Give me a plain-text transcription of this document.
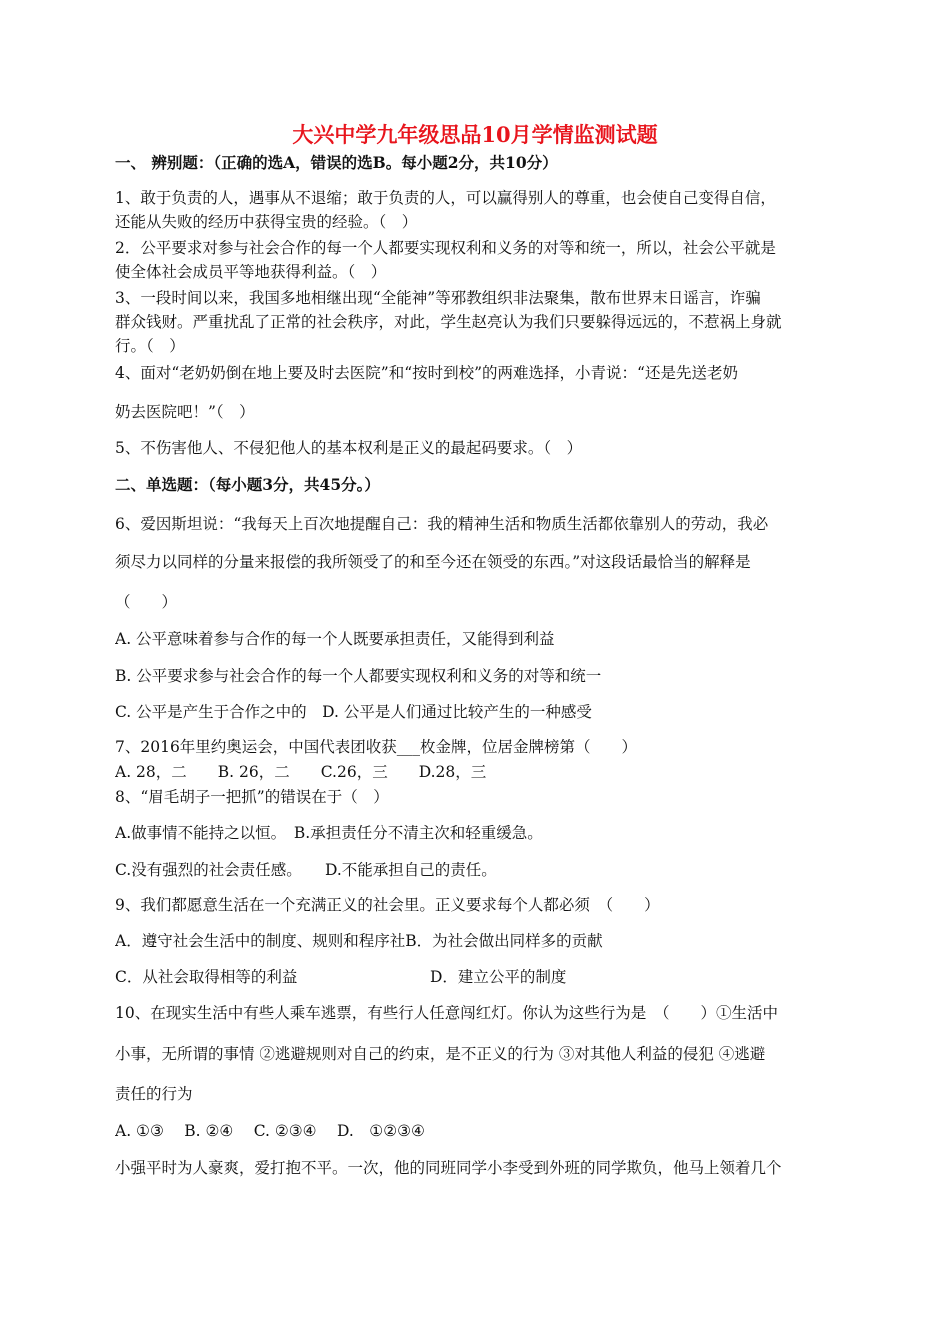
大兴中学九年级思品10月学情监测试题
一、 辨别题：（正确的选A，错误的选B。每小题2分，共10分）
1、敢于负责的人，遇事从不退缩；敢于负责的人，可以赢得别人的尊重，也会使自己变得自信，
还能从失败的经历中获得宝贵的经验。（　）
2．公平要求对参与社会合作的每一个人都要实现权利和义务的对等和统一，所以，社会公平就是
使全体社会成员平等地获得利益。（　）
3、一段时间以来，我国多地相继出现“全能神”等邪教组织非法聚集，散布世界末日谣言，诈骗
群众钱财。严重扰乱了正常的社会秩序，对此，学生赵亮认为我们只要躲得远远的，不惹祸上身就
行。（　）
4、面对“老奶奶倒在地上要及时去医院”和“按时到校”的两难选择，小青说：“还是先送老奶
奶去医院吧！”（　）
5、不伤害他人、不侵犯他人的基本权利是正义的最起码要求。（　）
二、单选题：（每小题3分，共45分。）
6、爱因斯坦说：“我每天上百次地提醒自己：我的精神生活和物质生活都依靠别人的劳动，我必
须尽力以同样的分量来报偿的我所领受了的和至今还在领受的东西。”对这段话最恰当的解释是
（　　）
A. 公平意味着参与合作的每一个人既要承担责任，又能得到利益
B. 公平要求参与社会合作的每一个人都要实现权利和义务的对等和统一
C. 公平是产生于合作之中的　D. 公平是人们通过比较产生的一种感受
7、2016年里约奥运会，中国代表团收获___枚金牌，位居金牌榜第（　　）
A. 28，二　　B. 26，二　　C.26，三　　D.28，三
8、“眉毛胡子一把抓”的错误在于（　）
A.做事情不能持之以恒。　B.承担责任分不清主次和轻重缓急。
C.没有强烈的社会责任感。　　D.不能承担自己的责任。
9、我们都愿意生活在一个充满正义的社会里。正义要求每个人都必须　（　　）
A．遵守社会生活中的制度、规则和程序社B．为社会做出同样多的贡献
C．从社会取得相等的利益	D．建立公平的制度
10、在现实生活中有些人乘车逃票，有些行人任意闯红灯。你认为这些行为是　（　　）①生活中
小事，无所谓的事情 ②逃避规则对自己的约束，是不正义的行为 ③对其他人利益的侵犯 ④逃避
责任的行为
A. ①③　 B. ②④　 C. ②③④　 D.　①②③④
小强平时为人豪爽，爱打抱不平。一次，他的同班同学小李受到外班的同学欺负，他马上领着几个
